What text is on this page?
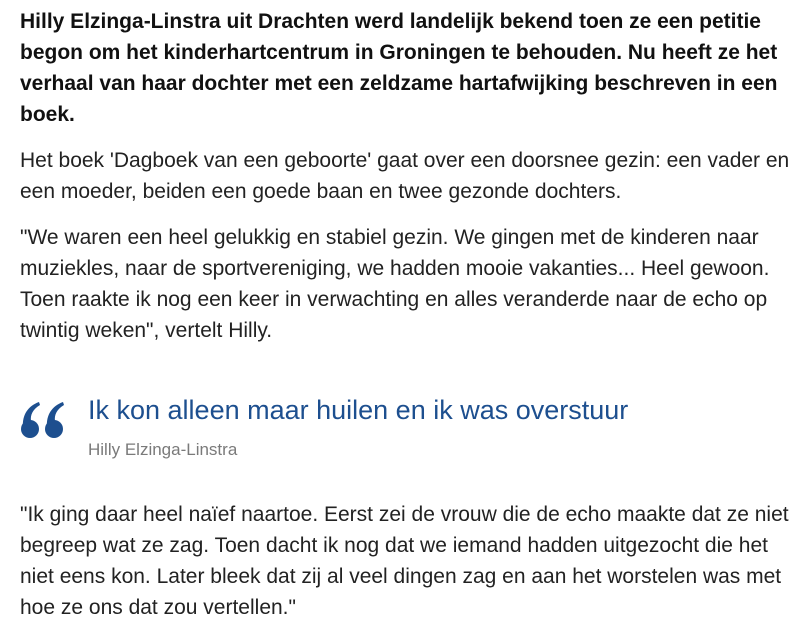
Hilly Elzinga-Linstra uit Drachten werd landelijk bekend toen ze een petitie begon om het kinderhartcentrum in Groningen te behouden. Nu heeft ze het verhaal van haar dochter met een zeldzame hartafwijking beschreven in een boek.

Het boek 'Dagboek van een geboorte' gaat over een doorsnee gezin: een vader en een moeder, beiden een goede baan en twee gezonde dochters.

"We waren een heel gelukkig en stabiel gezin. We gingen met de kinderen naar muziekles, naar de sportvereniging, we hadden mooie vakanties... Heel gewoon. Toen raakte ik nog een keer in verwachting en alles veranderde naar de echo op twintig weken", vertelt Hilly.

Ik kon alleen maar huilen en ik was overstuur
Hilly Elzinga-Linstra

"Ik ging daar heel naïef naartoe. Eerst zei de vrouw die de echo maakte dat ze niet begreep wat ze zag. Toen dacht ik nog dat we iemand hadden uitgezocht die het niet eens kon. Later bleek dat zij al veel dingen zag en aan het worstelen was met hoe ze ons dat zou vertellen."
